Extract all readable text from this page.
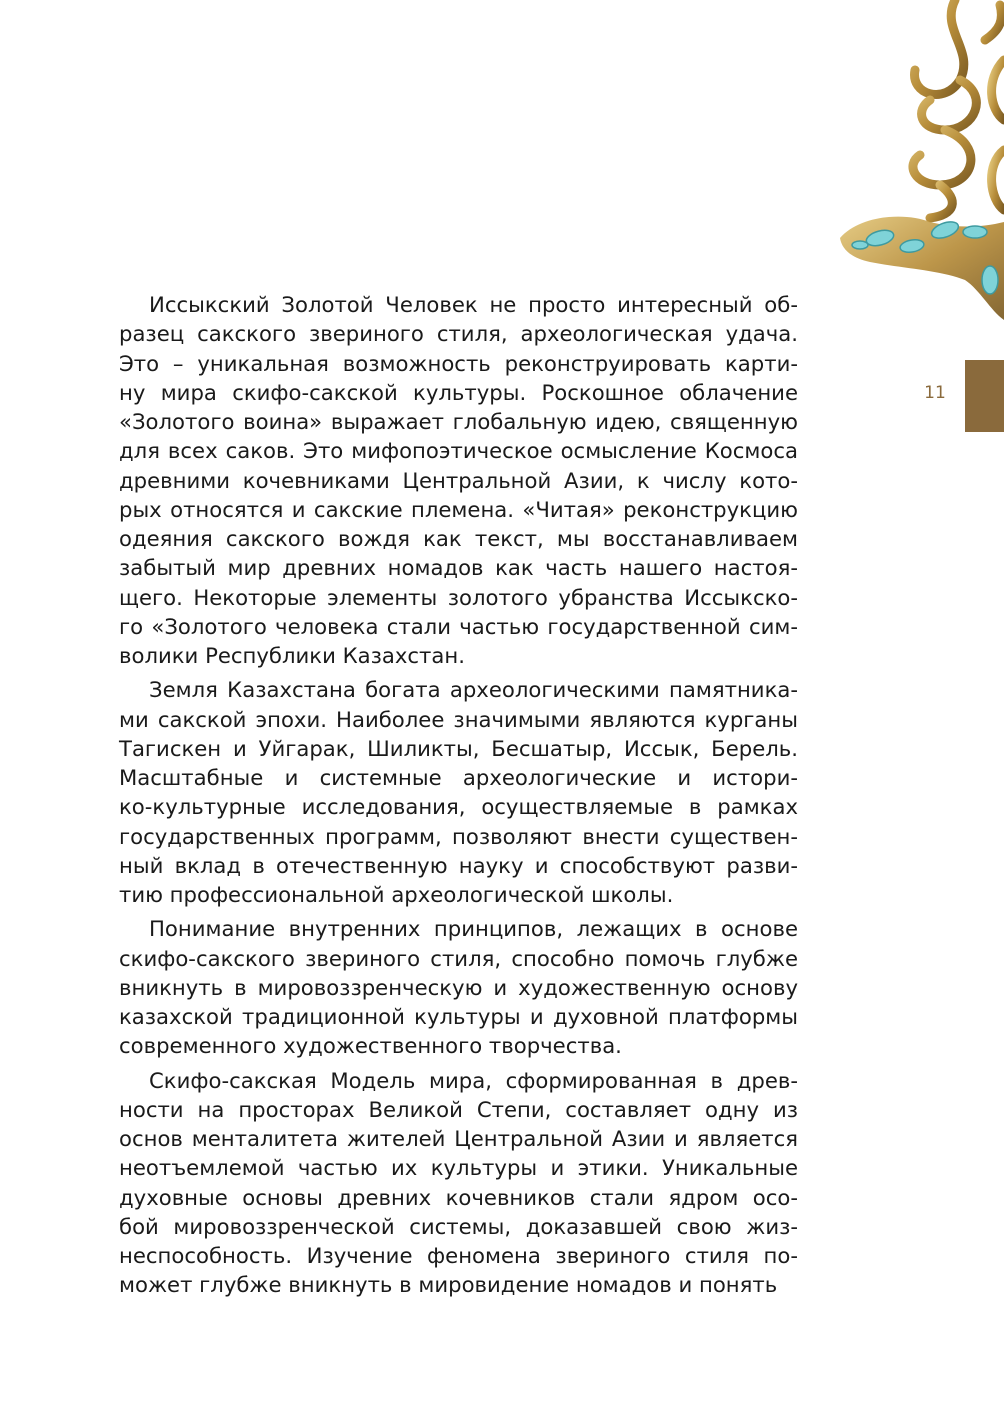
11
Иссыкский Золотой Человек не просто интересный об-
разец сакского звериного стиля, археологическая удача.
Это – уникальная возможность реконструировать карти-
ну мира скифо-сакской культуры. Роскошное облачение
«Золотого воина» выражает глобальную идею, священную
для всех саков. Это мифопоэтическое осмысление Космоса
древними кочевниками Центральной Азии, к числу кото-
рых относятся и сакские племена. «Читая» реконструкцию
одеяния сакского вождя как текст, мы восстанавливаем
забытый мир древних номадов как часть нашего настоя-
щего. Некоторые элементы золотого убранства Иссыкско-
го «Золотого человека стали частью государственной сим-
волики Республики Казахстан.
Земля Казахстана богата археологическими памятника-
ми сакской эпохи. Наиболее значимыми являются курганы
Тагискен и Уйгарак, Шиликты, Бесшатыр, Иссык, Берель.
Масштабные и системные археологические и истори-
ко-культурные исследования, осуществляемые в рамках
государственных программ, позволяют внести существен-
ный вклад в отечественную науку и способствуют разви-
тию профессиональной археологической школы.
Понимание внутренних принципов, лежащих в основе
скифо-сакского звериного стиля, способно помочь глубже
вникнуть в мировоззренческую и художественную основу
казахской традиционной культуры и духовной платформы
современного художественного творчества.
Скифо-сакская Модель мира, сформированная в древ-
ности на просторах Великой Степи, составляет одну из
основ менталитета жителей Центральной Азии и является
неотъемлемой частью их культуры и этики. Уникальные
духовные основы древних кочевников стали ядром осо-
бой мировоззренческой системы, доказавшей свою жиз-
неспособность. Изучение феномена звериного стиля по-
может глубже вникнуть в мировидение номадов и понять
